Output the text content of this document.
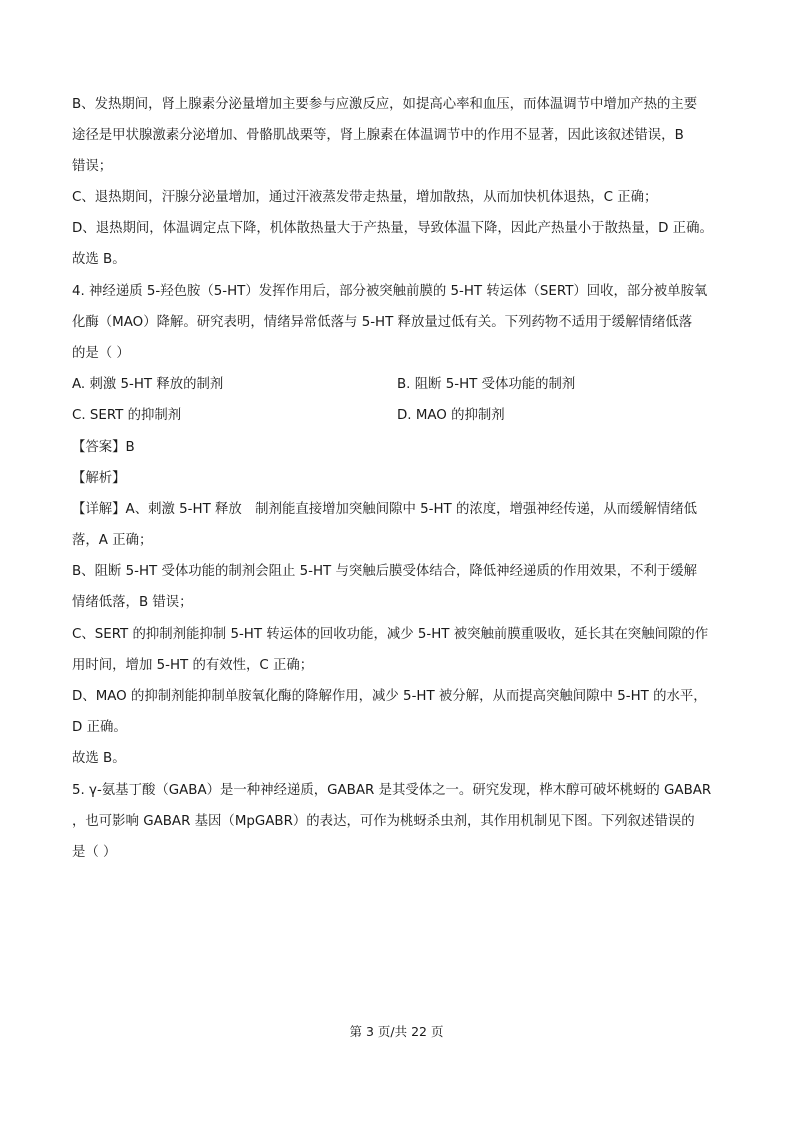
B、发热期间，肾上腺素分泌量增加主要参与应激反应，如提高心率和血压，而体温调节中增加产热的主要
途径是甲状腺激素分泌增加、骨骼肌战栗等，肾上腺素在体温调节中的作用不显著，因此该叙述错误，B
错误；
C、退热期间，汗腺分泌量增加，通过汗液蒸发带走热量，增加散热，从而加快机体退热，C 正确；
D、退热期间，体温调定点下降，机体散热量大于产热量，导致体温下降，因此产热量小于散热量，D 正确。
故选 B。
4. 神经递质 5-羟色胺（5-HT）发挥作用后，部分被突触前膜的 5-HT 转运体（SERT）回收，部分被单胺氧
化酶（MAO）降解。研究表明，情绪异常低落与 5-HT 释放量过低有关。下列药物不适用于缓解情绪低落
的是（ ）
A. 刺激 5-HT 释放的制剂	B. 阻断 5-HT 受体功能的制剂
C. SERT 的抑制剂	D. MAO 的抑制剂
【答案】B
【解析】
【详解】A、刺激 5-HT 释放　制剂能直接增加突触间隙中 5-HT 的浓度，增强神经传递，从而缓解情绪低
落，A 正确；
B、阻断 5-HT 受体功能的制剂会阻止 5-HT 与突触后膜受体结合，降低神经递质的作用效果，不利于缓解
情绪低落，B 错误；
C、SERT 的抑制剂能抑制 5-HT 转运体的回收功能，减少 5-HT 被突触前膜重吸收，延长其在突触间隙的作
用时间，增加 5-HT 的有效性，C 正确；
D、MAO 的抑制剂能抑制单胺氧化酶的降解作用，减少 5-HT 被分解，从而提高突触间隙中 5-HT 的水平，
D 正确。
故选 B。
5. γ-氨基丁酸（GABA）是一种神经递质，GABAR 是其受体之一。研究发现，桦木醇可破坏桃蚜的 GABAR
，也可影响 GABAR 基因（MpGABR）的表达，可作为桃蚜杀虫剂，其作用机制见下图。下列叙述错误的
是（ ）
第 3 页/共 22 页
